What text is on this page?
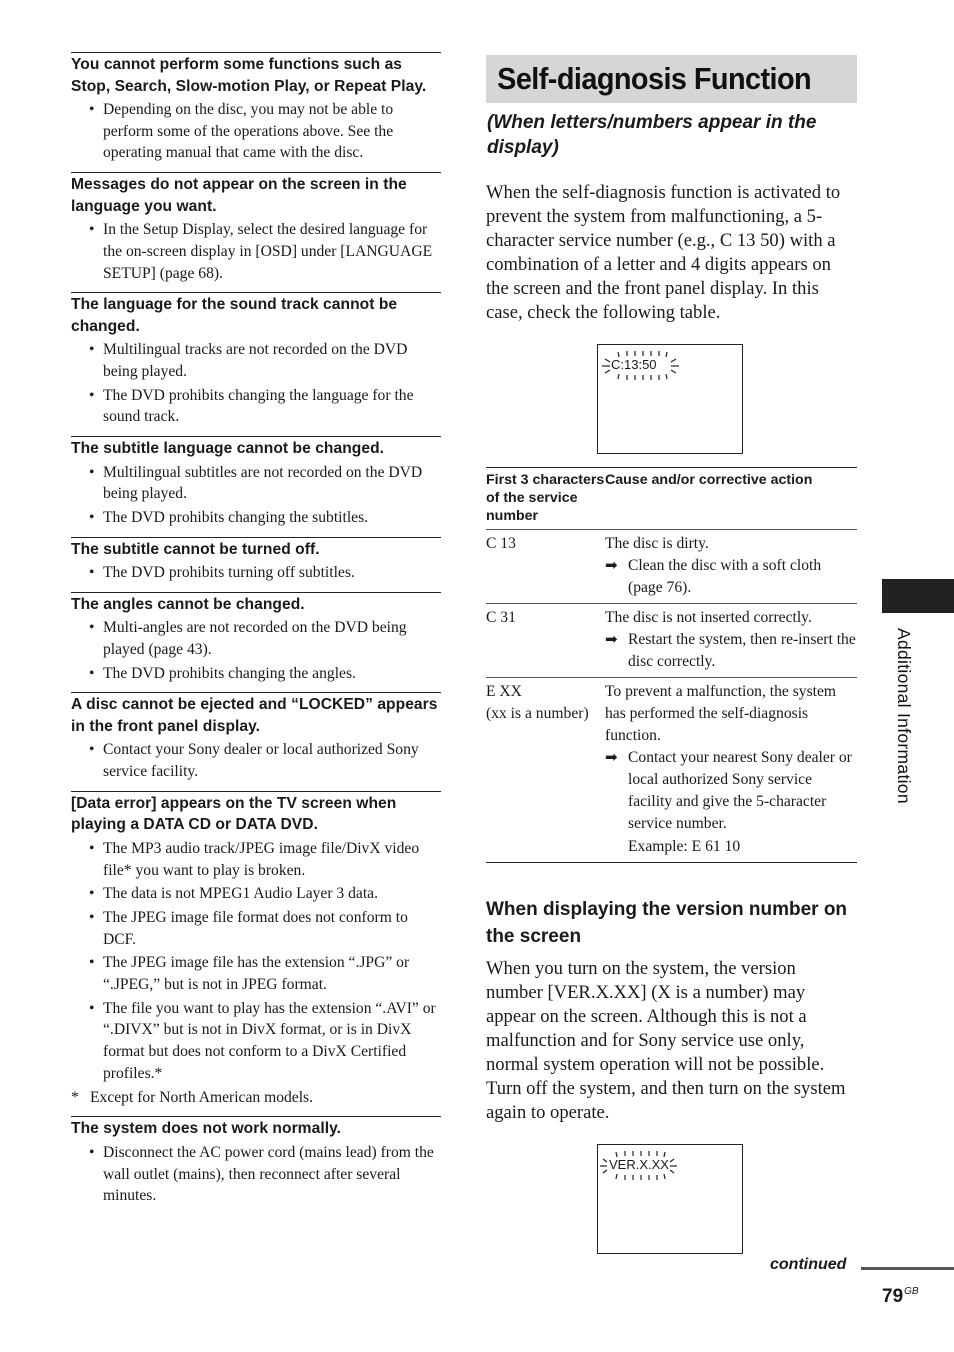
You cannot perform some functions such as Stop, Search, Slow-motion Play, or Repeat Play.
• Depending on the disc, you may not be able to perform some of the operations above. See the operating manual that came with the disc.
Messages do not appear on the screen in the language you want.
• In the Setup Display, select the desired language for the on-screen display in [OSD] under [LANGUAGE SETUP] (page 68).
The language for the sound track cannot be changed.
• Multilingual tracks are not recorded on the DVD being played.
• The DVD prohibits changing the language for the sound track.
The subtitle language cannot be changed.
• Multilingual subtitles are not recorded on the DVD being played.
• The DVD prohibits changing the subtitles.
The subtitle cannot be turned off.
• The DVD prohibits turning off subtitles.
The angles cannot be changed.
• Multi-angles are not recorded on the DVD being played (page 43).
• The DVD prohibits changing the angles.
A disc cannot be ejected and “LOCKED” appears in the front panel display.
• Contact your Sony dealer or local authorized Sony service facility.
[Data error] appears on the TV screen when playing a DATA CD or DATA DVD.
• The MP3 audio track/JPEG image file/DivX video file* you want to play is broken.
• The data is not MPEG1 Audio Layer 3 data.
• The JPEG image file format does not conform to DCF.
• The JPEG image file has the extension “.JPG” or “.JPEG,” but is not in JPEG format.
• The file you want to play has the extension “.AVI” or “.DIVX” but is not in DivX format, or is in DivX format but does not conform to a DivX Certified profiles.*
* Except for North American models.
The system does not work normally.
• Disconnect the AC power cord (mains lead) from the wall outlet (mains), then reconnect after several minutes.
Self-diagnosis Function
(When letters/numbers appear in the display)

When the self-diagnosis function is activated to prevent the system from malfunctioning, a 5-character service number (e.g., C 13 50) with a combination of a letter and 4 digits appears on the screen and the front panel display. In this case, check the following table.

C:13:50
First 3 characters of the service number
Cause and/or corrective action
C 13	The disc is dirty.
➡ Clean the disc with a soft cloth (page 76).
C 31	The disc is not inserted correctly.
➡ Restart the system, then re-insert the disc correctly.
E XX
(xx is a number)
To prevent a malfunction, the system has performed the self-diagnosis function.
➡ Contact your nearest Sony dealer or local authorized Sony service facility and give the 5-character service number.
Example: E 61 10
When displaying the version number on the screen

When you turn on the system, the version number [VER.X.XX] (X is a number) may appear on the screen. Although this is not a malfunction and for Sony service use only, normal system operation will not be possible. Turn off the system, and then turn on the system again to operate.

VER.X.XX
Additional Information
continued
$79^{GB}$
